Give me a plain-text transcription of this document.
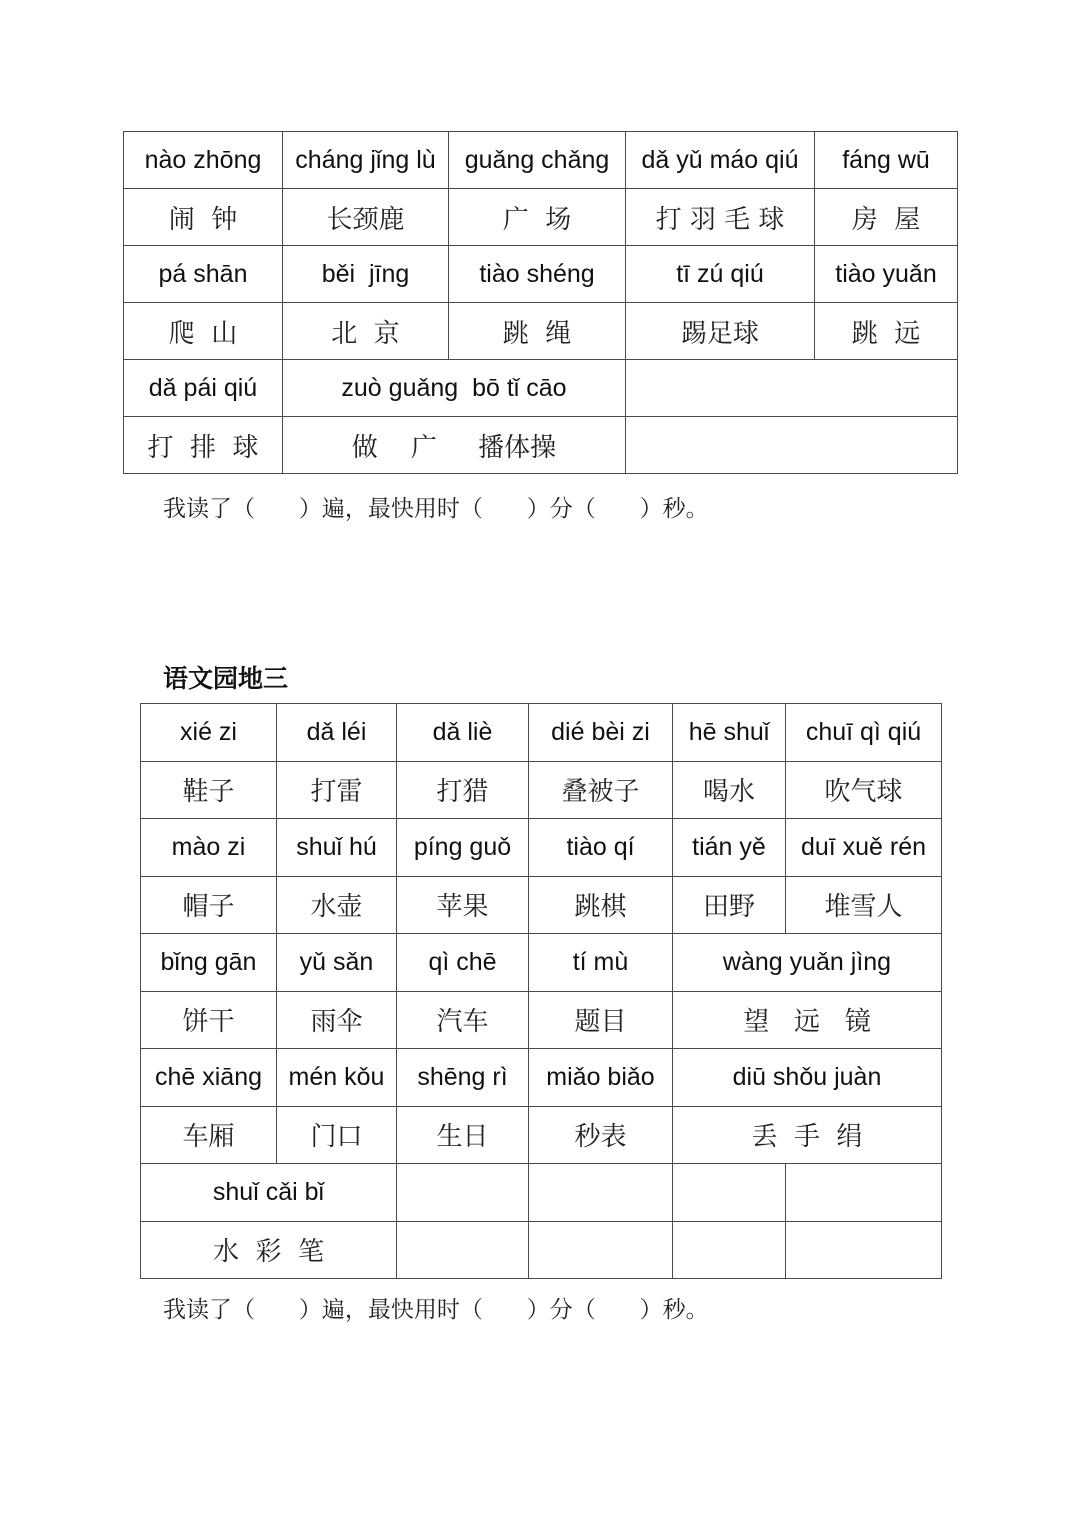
nào zhōng	cháng jǐng lù	guǎng chǎng	dǎ yǔ máo qiú	fáng wū
闹  钟	长颈鹿	广  场	打 羽 毛 球	房  屋
pá shān	běi  jīng	tiào shéng	tī zú qiú	tiào yuǎn
爬  山	北  京	跳  绳	踢足球	跳  远
dǎ pái qiú	zuò guǎng  bō tǐ cāo			
打  排  球	做    广     播体操			
我读了（      ）遍，最快用时（      ）分（      ）秒。
语文园地三
xié zi	dǎ léi	dǎ liè	dié bèi zi	hē shuǐ	chuī qì qiú
鞋子	打雷	打猎	叠被子	喝水	吹气球
mào zi	shuǐ hú	píng guǒ	tiào qí	tián yě	duī xuě rén
帽子	水壶	苹果	跳棋	田野	堆雪人
bǐng gān	yǔ sǎn	qì chē	tí mù	wàng yuǎn jìng	
饼干	雨伞	汽车	题目	望   远   镜	
chē xiāng	mén kǒu	shēng rì	miǎo biǎo	diū shǒu juàn	
车厢	门口	生日	秒表	丢  手  绢	
shuǐ cǎi bǐ					
水  彩  笔					
我读了（      ）遍，最快用时（      ）分（      ）秒。
